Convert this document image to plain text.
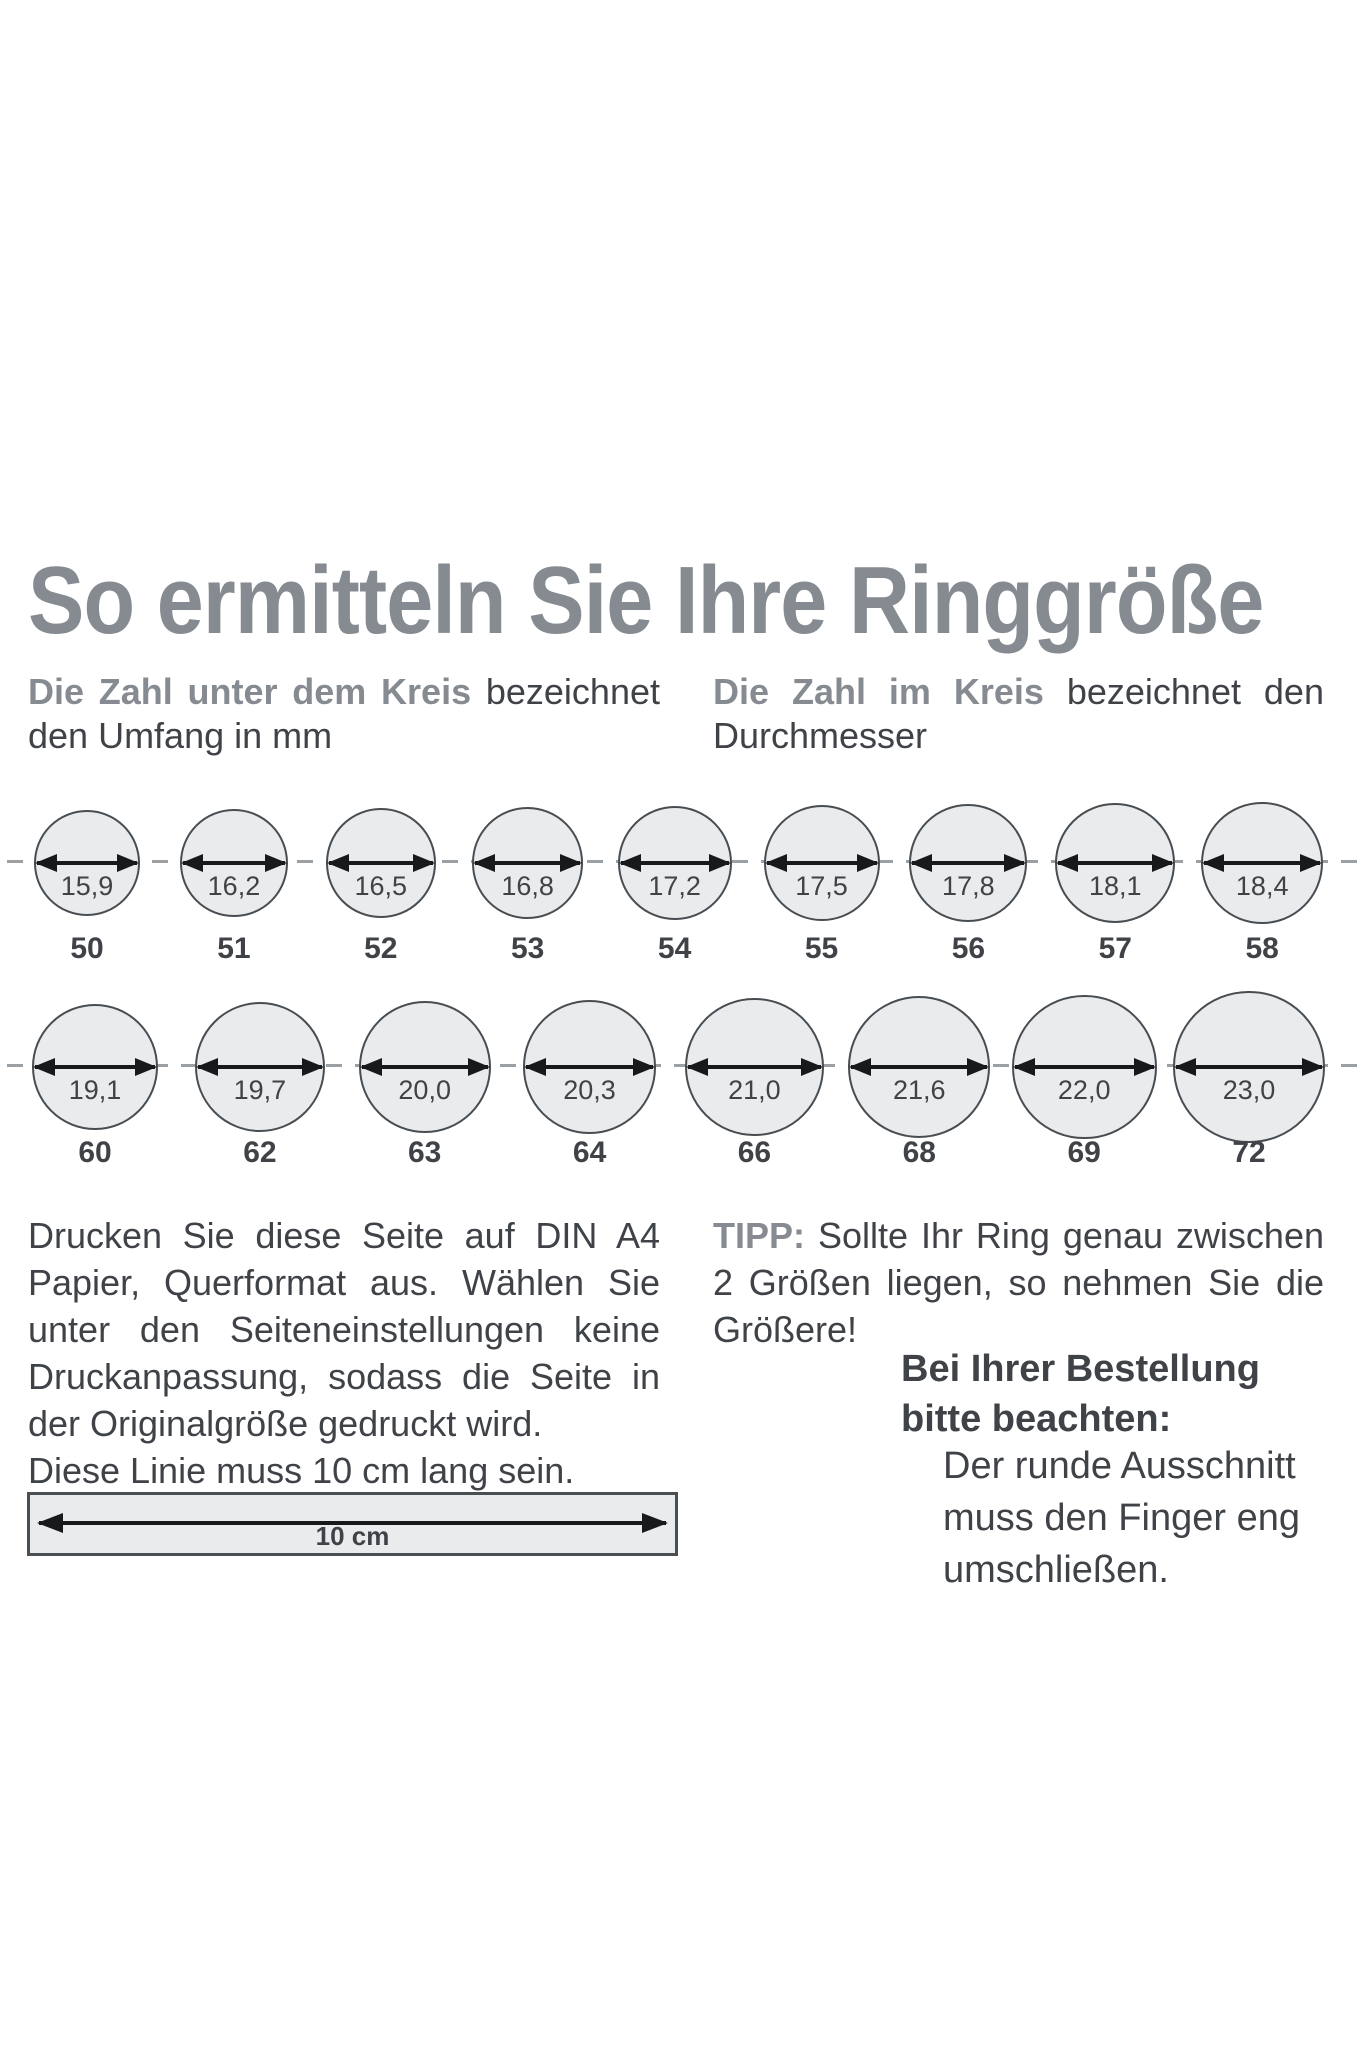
So ermitteln Sie Ihre Ringgröße
Die Zahl unter dem Kreis bezeichnet
den Umfang in mm
Die Zahl im Kreis bezeichnet den
Durchmesser
15,9
50
16,2
51
16,5
52
16,8
53
17,2
54
17,5
55
17,8
56
18,1
57
18,4
58
19,1
60
19,7
62
20,0
63
20,3
64
21,0
66
21,6
68
22,0
69
23,0
72
Drucken Sie diese Seite auf DIN A4
Papier, Querformat aus. Wählen Sie
unter den Seiteneinstellungen keine
Druckanpassung, sodass die Seite in
der Originalgröße gedruckt wird.
Diese Linie muss 10 cm lang sein.
TIPP: Sollte Ihr Ring genau zwischen
2 Größen liegen, so nehmen Sie die
Größere!
Bei Ihrer Bestellung
bitte beachten:
Der runde Ausschnitt
muss den Finger eng
umschließen.
10 cm
